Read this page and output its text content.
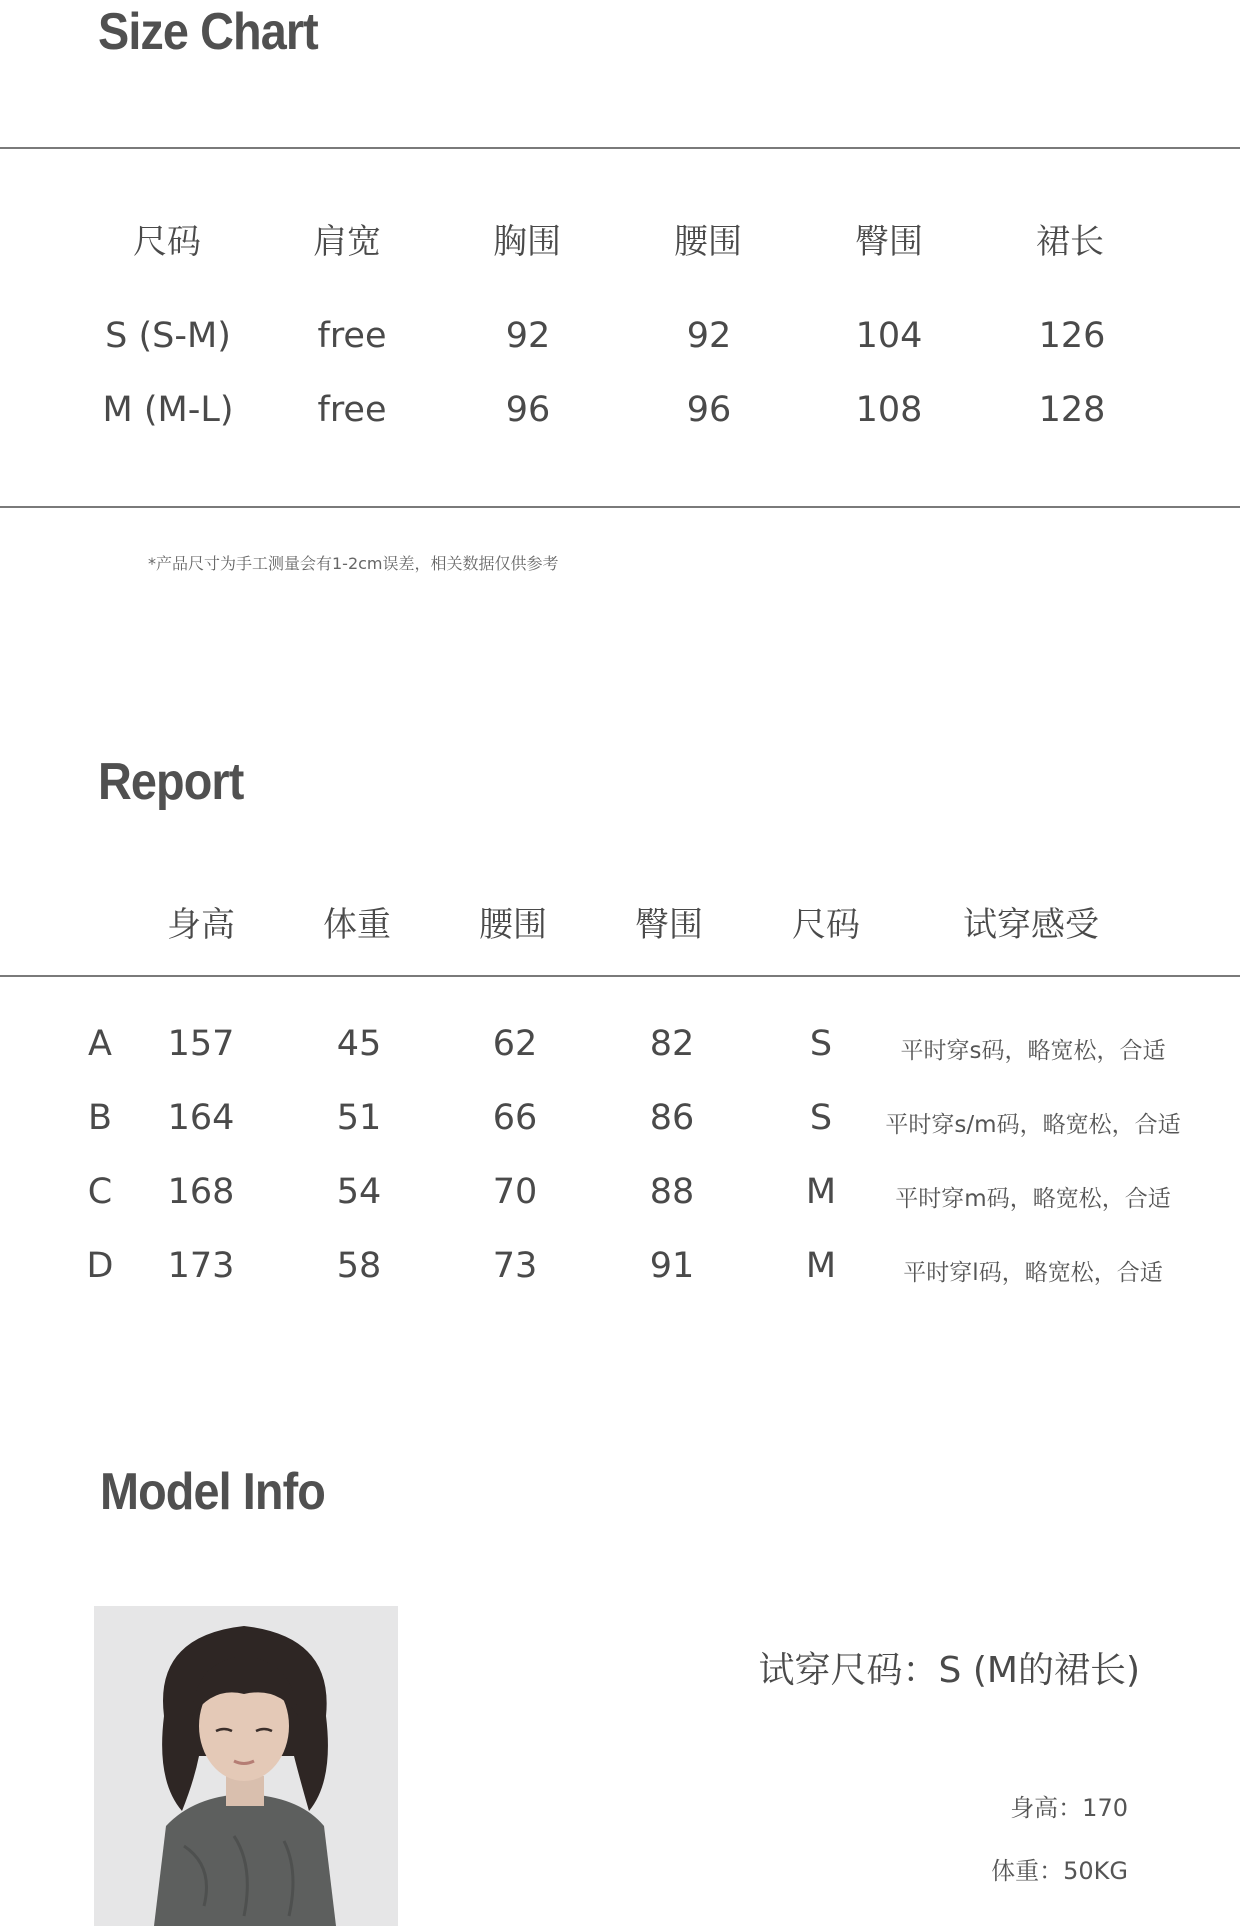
Size Chart
尺码	肩宽	胸围	腰围	臀围	裙长
S (S-M) free	92	92	104	126
M (M-L) free	96	96	108	128
*产品尺寸为手工测量会有1-2cm误差，相关数据仅供参考
Report
身高	体重	腰围	臀围	尺码	试穿感受
A 157	45	62	82	S	平时穿s码，略宽松，合适
B 164	51	66	86	S 平时穿s/m码，略宽松，合适
C 168	54	70	88	M	平时穿m码，略宽松，合适
D 173	58	73	91	M	平时穿l码，略宽松，合适
Model Info
试穿尺码：S (M的裙长)
身高：170
体重：50KG
